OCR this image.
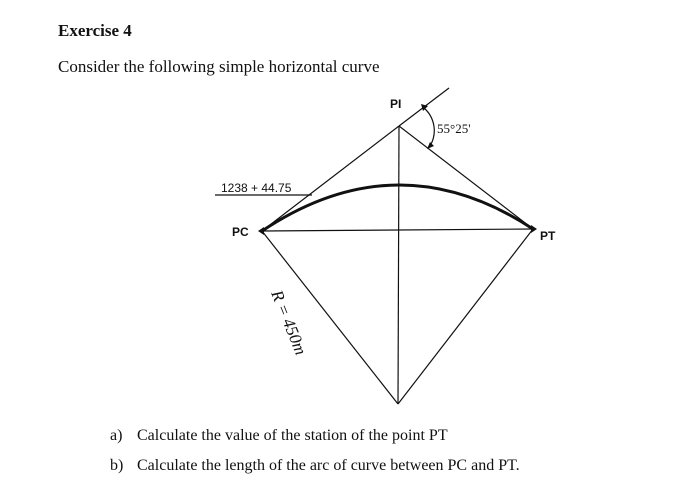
Exercise 4
Consider the following simple horizontal curve
PI
55°25'
1238 + 44.75
PC	PT
R = 450m
a) Calculate the value of the station of the point PT
b) Calculate the length of the arc of curve between PC and PT.
